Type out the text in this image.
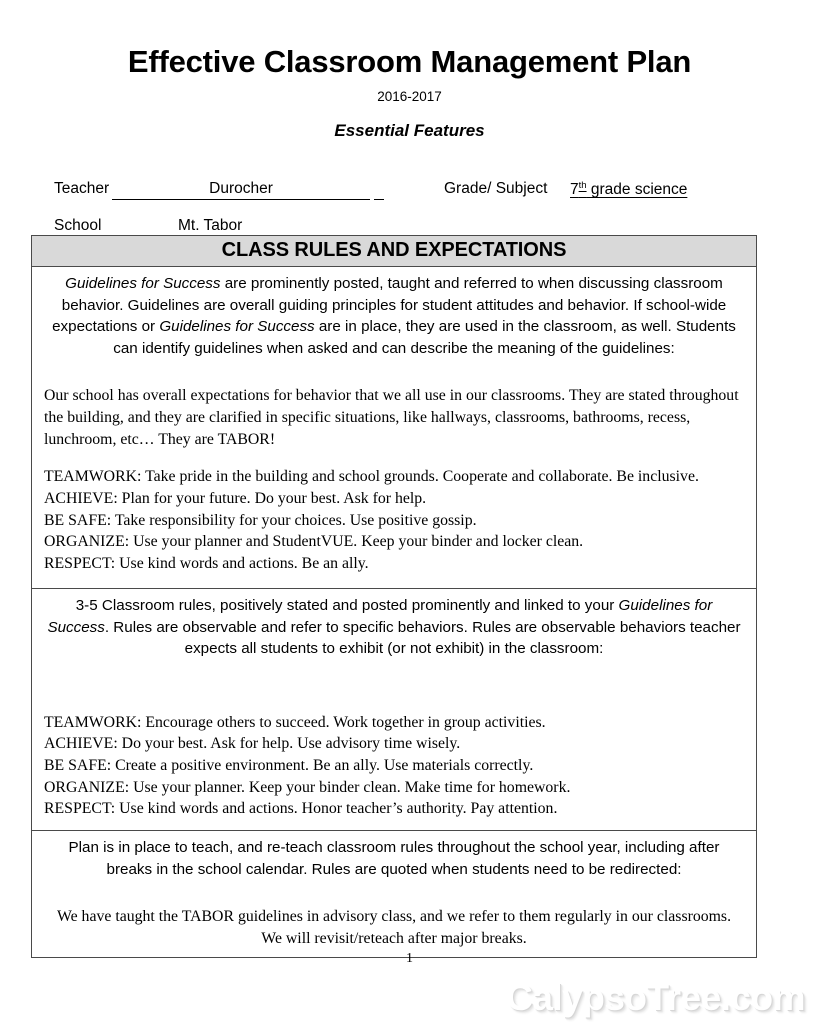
Effective Classroom Management Plan
2016-2017
Essential Features
Teacher	Durocher	Grade/ Subject 7th grade science
School	Mt. Tabor
CLASS RULES AND EXPECTATIONS

Guidelines for Success are prominently posted, taught and referred to when discussing classroom behavior. Guidelines are overall guiding principles for student attitudes and behavior. If school-wide expectations or Guidelines for Success are in place, they are used in the classroom, as well. Students can identify guidelines when asked and can describe the meaning of the guidelines:

Our school has overall expectations for behavior that we all use in our classrooms. They are stated throughout the building, and they are clarified in specific situations, like hallways, classrooms, bathrooms, recess, lunchroom, etc… They are TABOR!

TEAMWORK: Take pride in the building and school grounds. Cooperate and collaborate. Be inclusive.
ACHIEVE: Plan for your future. Do your best. Ask for help.
BE SAFE: Take responsibility for your choices. Use positive gossip.
ORGANIZE: Use your planner and StudentVUE. Keep your binder and locker clean.
RESPECT: Use kind words and actions. Be an ally.

3-5 Classroom rules, positively stated and posted prominently and linked to your Guidelines for Success. Rules are observable and refer to specific behaviors. Rules are observable behaviors teacher expects all students to exhibit (or not exhibit) in the classroom:

TEAMWORK: Encourage others to succeed. Work together in group activities.
ACHIEVE: Do your best. Ask for help. Use advisory time wisely.
BE SAFE: Create a positive environment. Be an ally. Use materials correctly.
ORGANIZE: Use your planner. Keep your binder clean. Make time for homework.
RESPECT: Use kind words and actions. Honor teacher’s authority. Pay attention.

Plan is in place to teach, and re-teach classroom rules throughout the school year, including after breaks in the school calendar. Rules are quoted when students need to be redirected:

We have taught the TABOR guidelines in advisory class, and we refer to them regularly in our classrooms.

We will revisit/reteach after major breaks.

1
CalypsoTree.com
